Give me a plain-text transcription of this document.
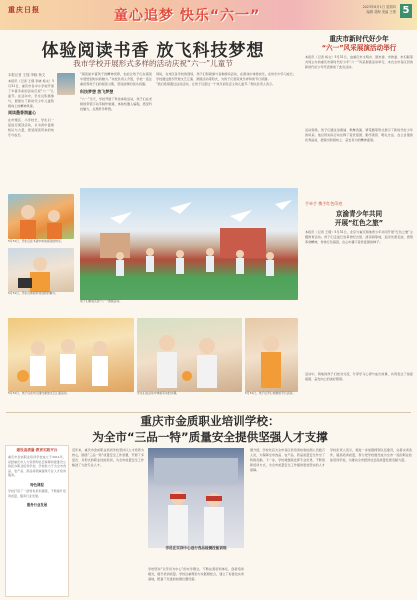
重庆日报	童心追梦 快乐“六一”
2023年6月1日 星期四
编辑 胡海 美编 王维 5
体验阅读书香 放飞科技梦想
我市学校开展形式多样的活动庆祝“六一”儿童节
本报记者 王翔 李晓 杨文
本报讯（记者 王翔 李晓 杨文）5月31日，重庆市各中小学校开展了丰富多彩的活动庆祝“六一”儿童节。在活动中，学生们积极参与，展现出了新时代少年儿童积极向上的精神风貌。
阅读墨香润童心
在市辖区、小学校长，学生们一起进行阅读活动，从书香中汲取知识与力量，感受阅读带来的快乐与成长。
“阅读能丰富孩子的精神世界，也能让孩子们在阅读中感悟到知识的魅力。”该校负责人介绍，学校一直注重培养孩子们的阅读习惯，营造浓厚的读书氛围。
科技梦想 放飞梦想
“六一”当天，学校开展了科技体验活动，孩子们在老师的带领下动手制作航模、体验机器人编程，感受科技魅力，点燃科学梦想。
同时，在市区各学校的现场，孩子们积极参与各种游戏活动，在游戏中体验快乐，在快乐中学习成长。学校通过组织开展文艺汇演、游园活动等形式，为孩子们营造欢乐祥和的节日氛围。
“我们希望通过这些活动，让孩子们度过一个快乐而有意义的儿童节。”相关负责人表示。
5月31日，学生们在书香中体验阅读的快乐。
5月31日，学生们体验科技创新的魅力。
孩子们参加庆祝“六一”游园活动。
5月31日，孩子们在幼儿园内参加文艺汇演活动。	学生们在活动中体验劳动的乐趣。	5月31日，孩子们开心地参加节日活动。
重庆市新时代好少年
“六一”风采展演活动举行
本报讯（记者 杨文）5月31日，由重庆市文明办、团市委、市教委、市妇联等共同主办的重庆市新时代好少年“六一”风采展演活动举行，来自全市各区县的新时代好少年代表参加了此次活动。
活动现场，孩子们通过诗朗诵、歌舞表演、情景剧等形式展示了新时代好少年的风采。他们用实际行动诠释了爱党爱国、勤学善思、明礼守法、自立自强的优秀品质，展现出积极向上、奋发有为的精神面貌。
手牵手 携手红色印迹
京渝青少年共同
开展“红色之旅”
本报讯（记者 王翔）5月31日，北京与重庆两地青少年共同开展“红色之旅”主题教育活动。孩子们走进红岩革命纪念馆、渣滓洞等地，追寻先辈足迹，感悟革命精神，传承红色基因，在心中播下爱党爱国的种子。
活动中，两地的孩子们结对交流，分享学习心得与成长故事，共同表达了热爱祖国、奋发向上的美好愿望。
重庆市金质职业培训学校：
为全市“三品一特”质量安全提供坚强人才支撑
建设高质量·教育实践平台
重庆市金质职业培训学校成立于2011年，是经重庆市人力资源和社会保障局批准设立的民办职业培训学校，学校致力于为全市食品、农产品、药品等领域提供专业人才培训服务。
特色课程
学校打造了一批特色培训课程，不断提升培训质量，服务行业发展。
服务行业发展
近年来，重庆市金质职业培训学校坚持以人才培养为核心，围绕“三品一特”质量安全工作需要，开展了多层次、多形式的职业技能培训，为全市质量安全工作输送了大批专业人才。
学员在实训中心进行食品检测技能训练
据介绍，学校先后为全市各区县培训检验检测人员数万人次，为保障全市食品、农产品、药品质量安全作出了积极贡献。下一步，学校将继续发挥专业优势，不断创新培训方式，为全市质量安全工作提供更加坚实的人才保障。
学校负责人表示，将进一步加强师资队伍建设，完善实训条件，提高培训质量，努力把学校建设成为全市一流的职业技能培训学校，为推动全市经济社会高质量发展贡献力量。
学校坚持“以学员为中心”的办学理念，不断完善培训体系，创新培训模式，提升培训质量。学校注重理论与实践相结合，建立了标准化实训基地，配备了先进的检测仪器设备。
